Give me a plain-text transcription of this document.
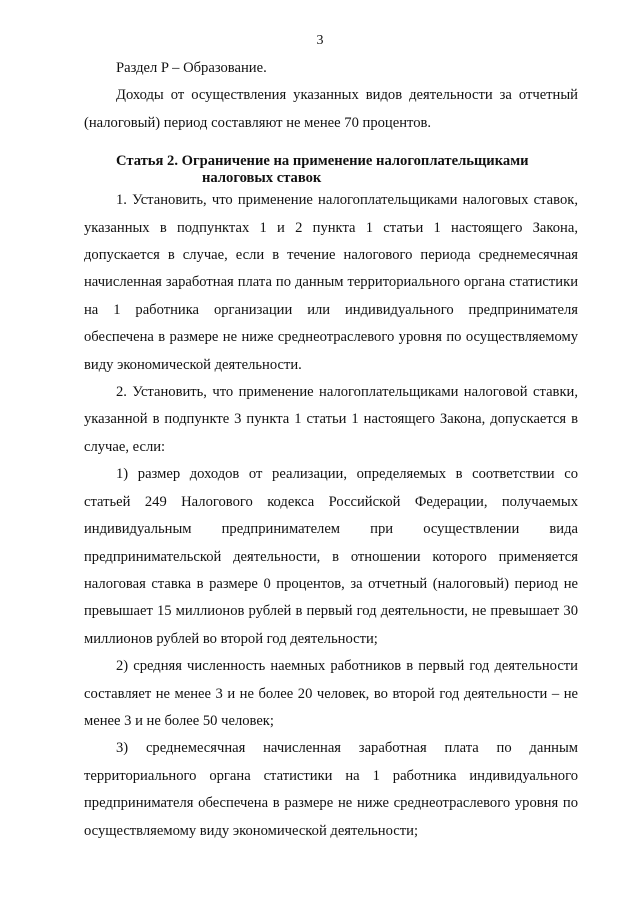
3

Раздел P – Образование.

Доходы от осуществления указанных видов деятельности за отчетный (налоговый) период составляют не менее 70 процентов.

Статья 2. Ограничение на применение налогоплательщиками
налоговых ставок

1. Установить, что применение налогоплательщиками налоговых ставок, указанных в подпунктах 1 и 2 пункта 1 статьи 1 настоящего Закона, допускается в случае, если в течение налогового периода среднемесячная начисленная заработная плата по данным территориального органа статистики на 1 работника организации или индивидуального предпринимателя обеспечена в размере не ниже среднеотраслевого уровня по осуществляемому виду экономической деятельности.

2. Установить, что применение налогоплательщиками налоговой ставки, указанной в подпункте 3 пункта 1 статьи 1 настоящего Закона, допускается в случае, если:

1) размер доходов от реализации, определяемых в соответствии со статьей 249 Налогового кодекса Российской Федерации, получаемых индивидуальным предпринимателем при осуществлении вида предпринимательской деятельности, в отношении которого применяется налоговая ставка в размере 0 процентов, за отчетный (налоговый) период не превышает 15 миллионов рублей в первый год деятельности, не превышает 30 миллионов рублей во второй год деятельности;

2) средняя численность наемных работников в первый год деятельности составляет не менее 3 и не более 20 человек, во второй год деятельности – не менее 3 и не более 50 человек;

3) среднемесячная начисленная заработная плата по данным территориального органа статистики на 1 работника индивидуального предпринимателя обеспечена в размере не ниже среднеотраслевого уровня по осуществляемому виду экономической деятельности;
